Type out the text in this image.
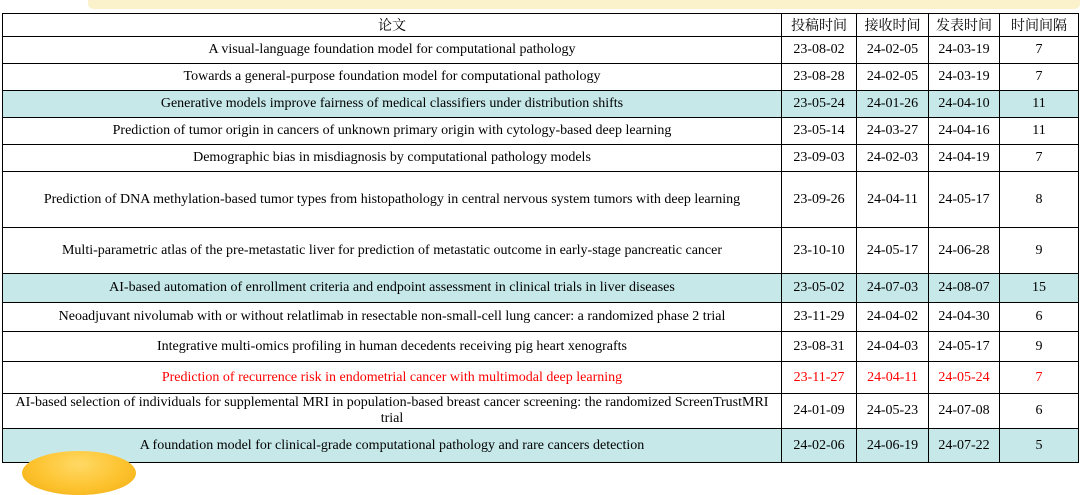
论文	投稿时间	接收时间	发表时间	时间间隔
A visual-language foundation model for computational pathology	23-08-02	24-02-05	24-03-19	7
Towards a general-purpose foundation model for computational pathology	23-08-28	24-02-05	24-03-19	7
Generative models improve fairness of medical classifiers under distribution shifts	23-05-24	24-01-26	24-04-10	11
Prediction of tumor origin in cancers of unknown primary origin with cytology-based deep learning	23-05-14	24-03-27	24-04-16	11
Demographic bias in misdiagnosis by computational pathology models	23-09-03	24-02-03	24-04-19	7
Prediction of DNA methylation-based tumor types from histopathology in central nervous system tumors with deep learning	23-09-26	24-04-11	24-05-17	8
Multi-parametric atlas of the pre-metastatic liver for prediction of metastatic outcome in early-stage pancreatic cancer	23-10-10	24-05-17	24-06-28	9
AI-based automation of enrollment criteria and endpoint assessment in clinical trials in liver diseases	23-05-02	24-07-03	24-08-07	15
Neoadjuvant nivolumab with or without relatlimab in resectable non-small-cell lung cancer: a randomized phase 2 trial	23-11-29	24-04-02	24-04-30	6
Integrative multi-omics profiling in human decedents receiving pig heart xenografts	23-08-31	24-04-03	24-05-17	9
Prediction of recurrence risk in endometrial cancer with multimodal deep learning	23-11-27	24-04-11	24-05-24	7
AI-based selection of individuals for supplemental MRI in population-based breast cancer screening: the randomized ScreenTrustMRI trial	24-01-09	24-05-23	24-07-08	6
A foundation model for clinical-grade computational pathology and rare cancers detection	24-02-06	24-06-19	24-07-22	5
